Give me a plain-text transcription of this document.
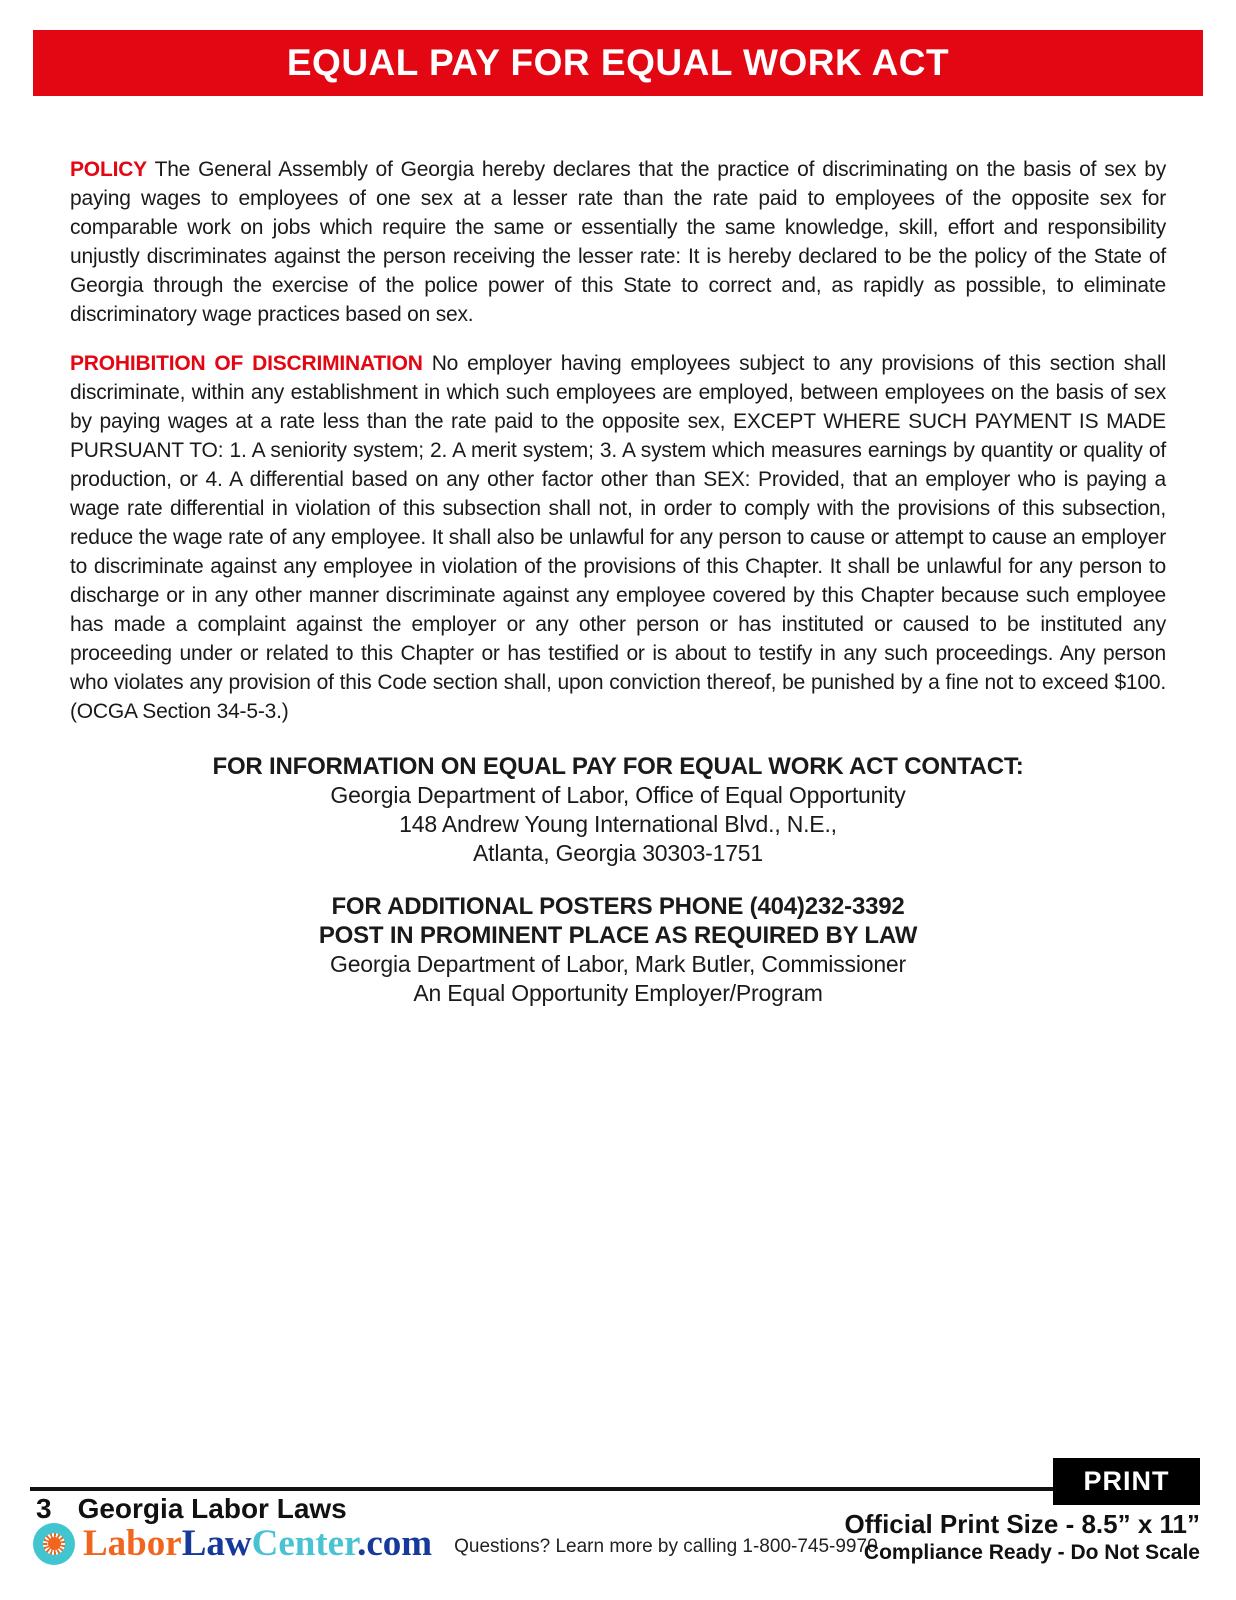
EQUAL PAY FOR EQUAL WORK ACT

POLICY The General Assembly of Georgia hereby declares that the practice of discriminating on the basis of sex by paying wages to employees of one sex at a lesser rate than the rate paid to employees of the opposite sex for comparable work on jobs which require the same or essentially the same knowledge, skill, effort and responsibility unjustly discriminates against the person receiving the lesser rate: It is hereby declared to be the policy of the State of Georgia through the exercise of the police power of this State to correct and, as rapidly as possible, to eliminate discriminatory wage practices based on sex.

PROHIBITION OF DISCRIMINATION No employer having employees subject to any provisions of this section shall discriminate, within any establishment in which such employees are employed, between employees on the basis of sex by paying wages at a rate less than the rate paid to the opposite sex, EXCEPT WHERE SUCH PAYMENT IS MADE PURSUANT TO: 1. A seniority system; 2. A merit system; 3. A system which measures earnings by quantity or quality of production, or 4. A differential based on any other factor other than SEX: Provided, that an employer who is paying a wage rate differential in violation of this subsection shall not, in order to comply with the provisions of this subsection, reduce the wage rate of any employee. It shall also be unlawful for any person to cause or attempt to cause an employer to discriminate against any employee in violation of the provisions of this Chapter. It shall be unlawful for any person to discharge or in any other manner discriminate against any employee covered by this Chapter because such employee has made a complaint against the employer or any other person or has instituted or caused to be instituted any proceeding under or related to this Chapter or has testified or is about to testify in any such proceedings. Any person who violates any provision of this Code section shall, upon conviction thereof, be punished by a fine not to exceed $100. (OCGA Section 34-5-3.)

FOR INFORMATION ON EQUAL PAY FOR EQUAL WORK ACT CONTACT:
Georgia Department of Labor, Office of Equal Opportunity
148 Andrew Young International Blvd., N.E.,
Atlanta, Georgia 30303-1751
FOR ADDITIONAL POSTERS PHONE (404)232-3392
POST IN PROMINENT PLACE AS REQUIRED BY LAW
Georgia Department of Labor, Mark Butler, Commissioner
An Equal Opportunity Employer/Program
PRINT
3 Georgia Labor Laws
LaborLawCenter.com Questions? Learn more by calling 1-800-745-9970
Official Print Size - 8.5” x 11”
Compliance Ready - Do Not Scale
